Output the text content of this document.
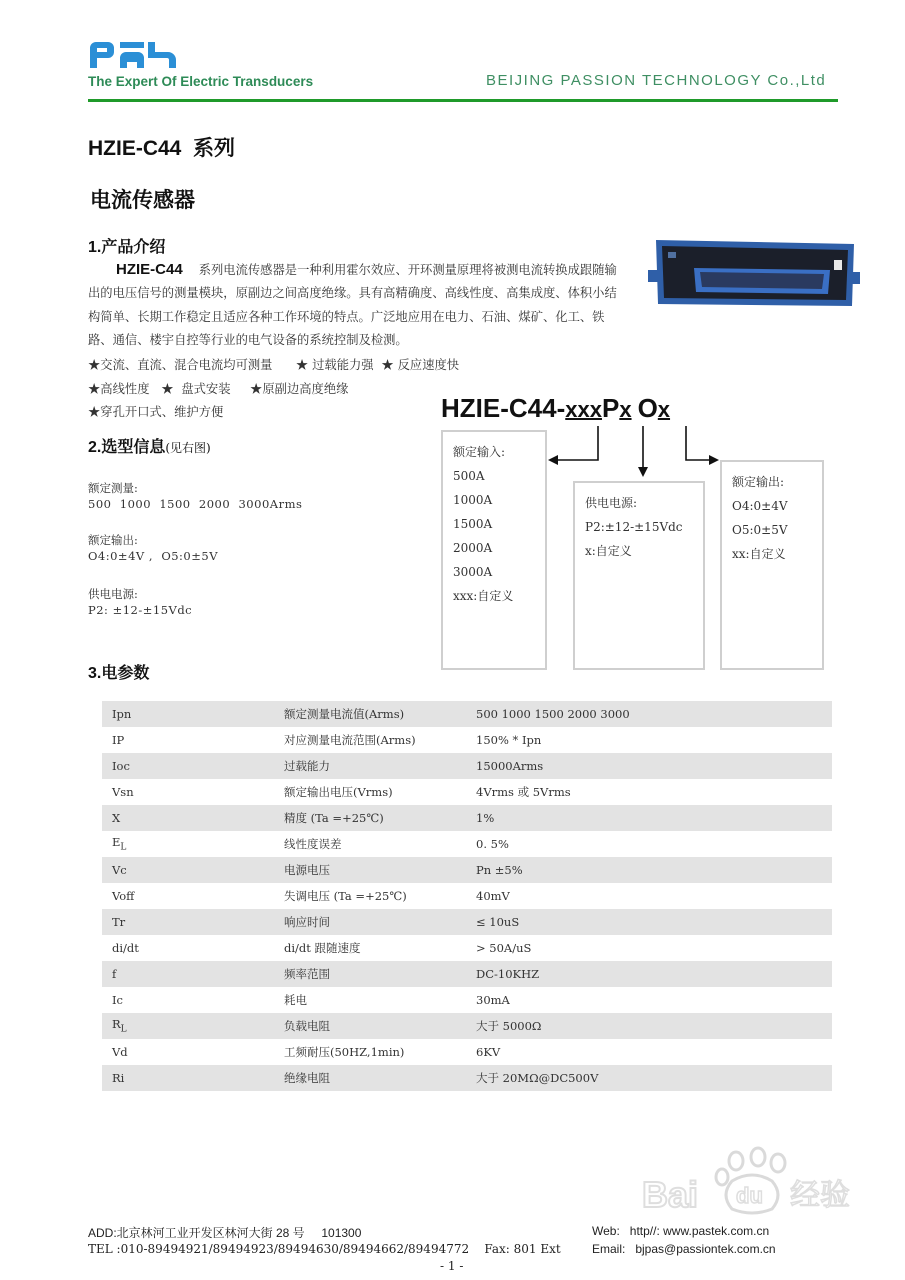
The Expert Of Electric Transducers	BEIJING PASSION TECHNOLOGY Co.,Ltd
HZIE-C44  系列
电流传感器
1.产品介绍
HZIE-C44 系列电流传感器是一种利用霍尔效应、开环测量原理将被测电流转换成跟随输出的电压信号的测量模块，原副边之间高度绝缘。具有高精确度、高线性度、高集成度、体积小结构简单、长期工作稳定且适应各种工作环境的特点。广泛地应用在电力、石油、煤矿、化工、铁路、通信、楼宇自控等行业的电气设备的系统控制及检测。
★交流、直流、混合电流均可测量      ★ 过载能力强  ★ 反应速度快
★高线性度   ★  盘式安装     ★原副边高度绝缘
★穿孔开口式、维护方便
2.选型信息(见右图)
额定测量:
500  1000  1500  2000  3000Arms
额定输出:
O4:0±4V ,  O5:0±5V
供电电源:
P2: ±12-±15Vdc
HZIE-C44-xxxPx Ox
额定输入:
500A
1000A
1500A
2000A
3000A
xxx:自定义
供电电源:
P2:±12-±15Vdc
x:自定义
额定输出:
O4:0±4V
O5:0±5V
xx:自定义
3.电参数
Ipn	额定测量电流值(Arms)	500 1000 1500 2000 3000
IP	对应测量电流范围(Arms)	150% * Ipn
Ioc	过载能力	15000Arms
Vsn	额定输出电压(Vrms)	4Vrms 或 5Vrms
X	精度 (Ta =+25℃)	1%
$E_L$	线性度误差	0. 5%
Vc	电源电压	Pn ±5%
Voff	失调电压 (Ta =+25℃)	40mV
Tr	响应时间	≤ 10uS
di/dt	di/dt 跟随速度	> 50A/uS
f	频率范围	DC-10KHZ
Ic	耗电	30mA
$R_L$	负载电阻	大于 5000Ω
Vd	工频耐压(50HZ,1min)	6KV
Ri	绝缘电阻	大于 20MΩ@DC500V
Bai du 经验
ADD:北京林河工业开发区林河大街 28 号     101300
TEL :010-89494921/89494923/89494630/89494662/89494772    Fax: 801 Ext
Web:   http//: www.pastek.com.cn
Email:   bjpas@passiontek.com.cn
- 1 -
